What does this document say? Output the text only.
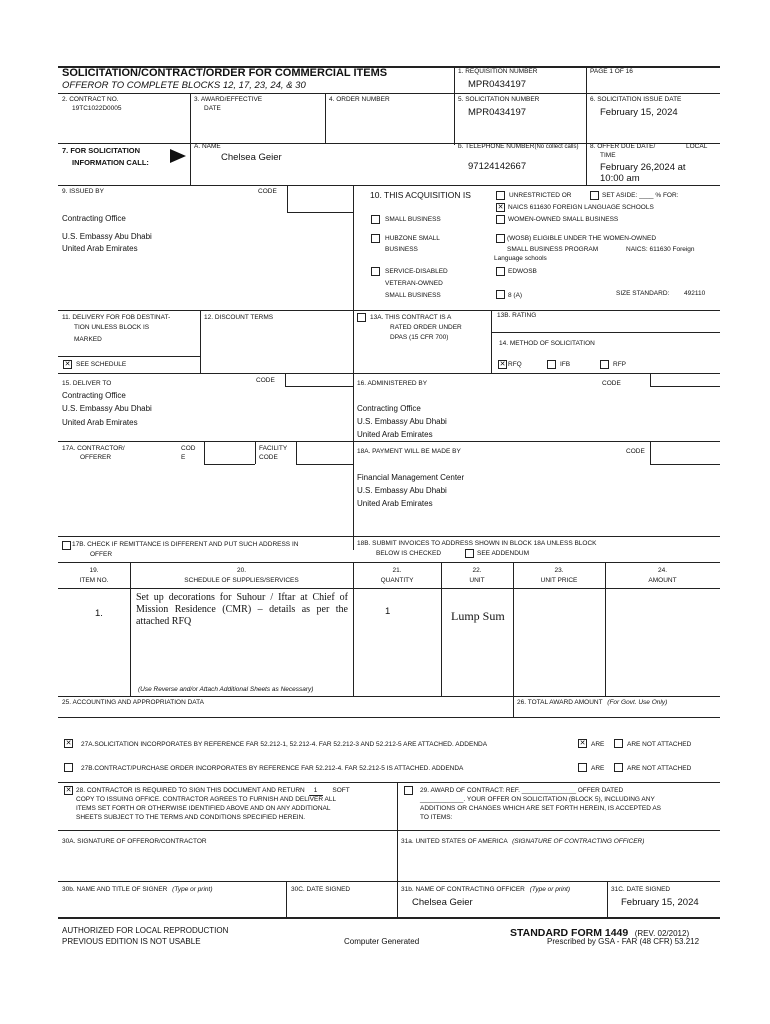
SOLICITATION/CONTRACT/ORDER FOR COMMERCIAL ITEMS
OFFEROR TO COMPLETE BLOCKS 12, 17, 23, 24, & 30
1. REQUISITION NUMBER
MPR0434197
PAGE 1 OF 16
2. CONTRACT NO.
19TC1022D0005
3. AWARD/EFFECTIVE
DATE
4. ORDER NUMBER	5. SOLICITATION NUMBER
MPR0434197
6. SOLICITATION ISSUE DATE
February 15, 2024
7. FOR SOLICITATION
INFORMATION CALL:
A. NAME
Chelsea Geier
b. TELEPHONE NUMBER(No collect calls)
97124142667
8. OFFER DUE DATE/	LOCAL
TIME
February 26,2024 at
10:00 am
9. ISSUED BY	CODE
Contracting Office
U.S. Embassy Abu Dhabi
United Arab Emirates
10. THIS ACQUISITION IS	UNRESTRICTED OR	SET ASIDE: ____ % FOR:
✕
NAICS 611630 FOREIGN LANGUAGE SCHOOLS
SMALL BUSINESS	WOMEN-OWNED SMALL BUSINESS
HUBZONE SMALL
BUSINESS
(WOSB) ELIGIBLE UNDER THE WOMEN-OWNED
SMALL BUSINESS PROGRAM	NAICS: 611630 Foreign
Language schools
SERVICE-DISABLED
VETERAN-OWNED
SMALL BUSINESS
EDWOSB
8 (A)	SIZE STANDARD: 492110
11. DELIVERY FOR FOB DESTINAT-
TION UNLESS BLOCK IS
MARKED
✕
SEE SCHEDULE
12. DISCOUNT TERMS	13A. THIS CONTRACT IS A
RATED ORDER UNDER
DPAS (15 CFR 700)
13B. RATING
14. METHOD OF SOLICITATION
✕
RFQ	IFB	RFP
15. DELIVER TO	CODE
Contracting Office
U.S. Embassy Abu Dhabi
United Arab Emirates
16. ADMINISTERED BY	CODE
Contracting Office
U.S. Embassy Abu Dhabi
United Arab Emirates
17A. CONTRACTOR/
OFFERER
COD
E
FACILITY
CODE
18A. PAYMENT WILL BE MADE BY	CODE
Financial Management Center
U.S. Embassy Abu Dhabi
United Arab Emirates
17B. CHECK IF REMITTANCE IS DIFFERENT AND PUT SUCH ADDRESS IN
OFFER
18B. SUBMIT INVOICES TO ADDRESS SHOWN IN BLOCK 18A UNLESS BLOCK
BELOW IS CHECKED	SEE ADDENDUM
19.
ITEM NO.
20.
SCHEDULE OF SUPPLIES/SERVICES
21.
QUANTITY
22.
UNIT
23.
UNIT PRICE
24.
AMOUNT
1.
Set up decorations for Suhour / Iftar at Chief of Mission Residence (CMR) – details as per the attached RFQ
1	Lump Sum
(Use Reverse and/or Attach Additional Sheets as Necessary)
25. ACCOUNTING AND APPROPRIATION DATA	26. TOTAL AWARD AMOUNT (For Govt. Use Only)
✕
27A.SOLICITATION INCORPORATES BY REFERENCE FAR 52.212-1, 52.212-4. FAR 52.212-3 AND 52.212-5 ARE ATTACHED. ADDENDA
✕	ARE	ARE NOT ATTACHED
27B.CONTRACT/PURCHASE ORDER INCORPORATES BY REFERENCE FAR 52.212-4. FAR 52.212-5 IS ATTACHED. ADDENDA	ARE	ARE NOT ATTACHED
✕
28. CONTRACTOR IS REQUIRED TO SIGN THIS DOCUMENT AND RETURN 1 SOFT
COPY TO ISSUING OFFICE. CONTRACTOR AGREES TO FURNISH AND DELIVER ALL
ITEMS SET FORTH OR OTHERWISE IDENTIFIED ABOVE AND ON ANY ADDITIONAL
SHEETS SUBJECT TO THE TERMS AND CONDITIONS SPECIFIED HEREIN.
29. AWARD OF CONTRACT: REF. _______________ OFFER DATED
____________. YOUR OFFER ON SOLICITATION (BLOCK 5), INCLUDING ANY
ADDITIONS OR CHANGES WHICH ARE SET FORTH HEREIN, IS ACCEPTED AS
TO ITEMS:
30A. SIGNATURE OF OFFEROR/CONTRACTOR	31a. UNITED STATES OF AMERICA (SIGNATURE OF CONTRACTING OFFICER)
30b. NAME AND TITLE OF SIGNER (Type or print)	30C. DATE SIGNED	31b. NAME OF CONTRACTING OFFICER (Type or print)
Chelsea Geier
31C. DATE SIGNED
February 15, 2024
AUTHORIZED FOR LOCAL REPRODUCTION
PREVIOUS EDITION IS NOT USABLE	Computer Generated
STANDARD FORM 1449 (REV. 02/2012)
Prescribed by GSA - FAR (48 CFR) 53.212
